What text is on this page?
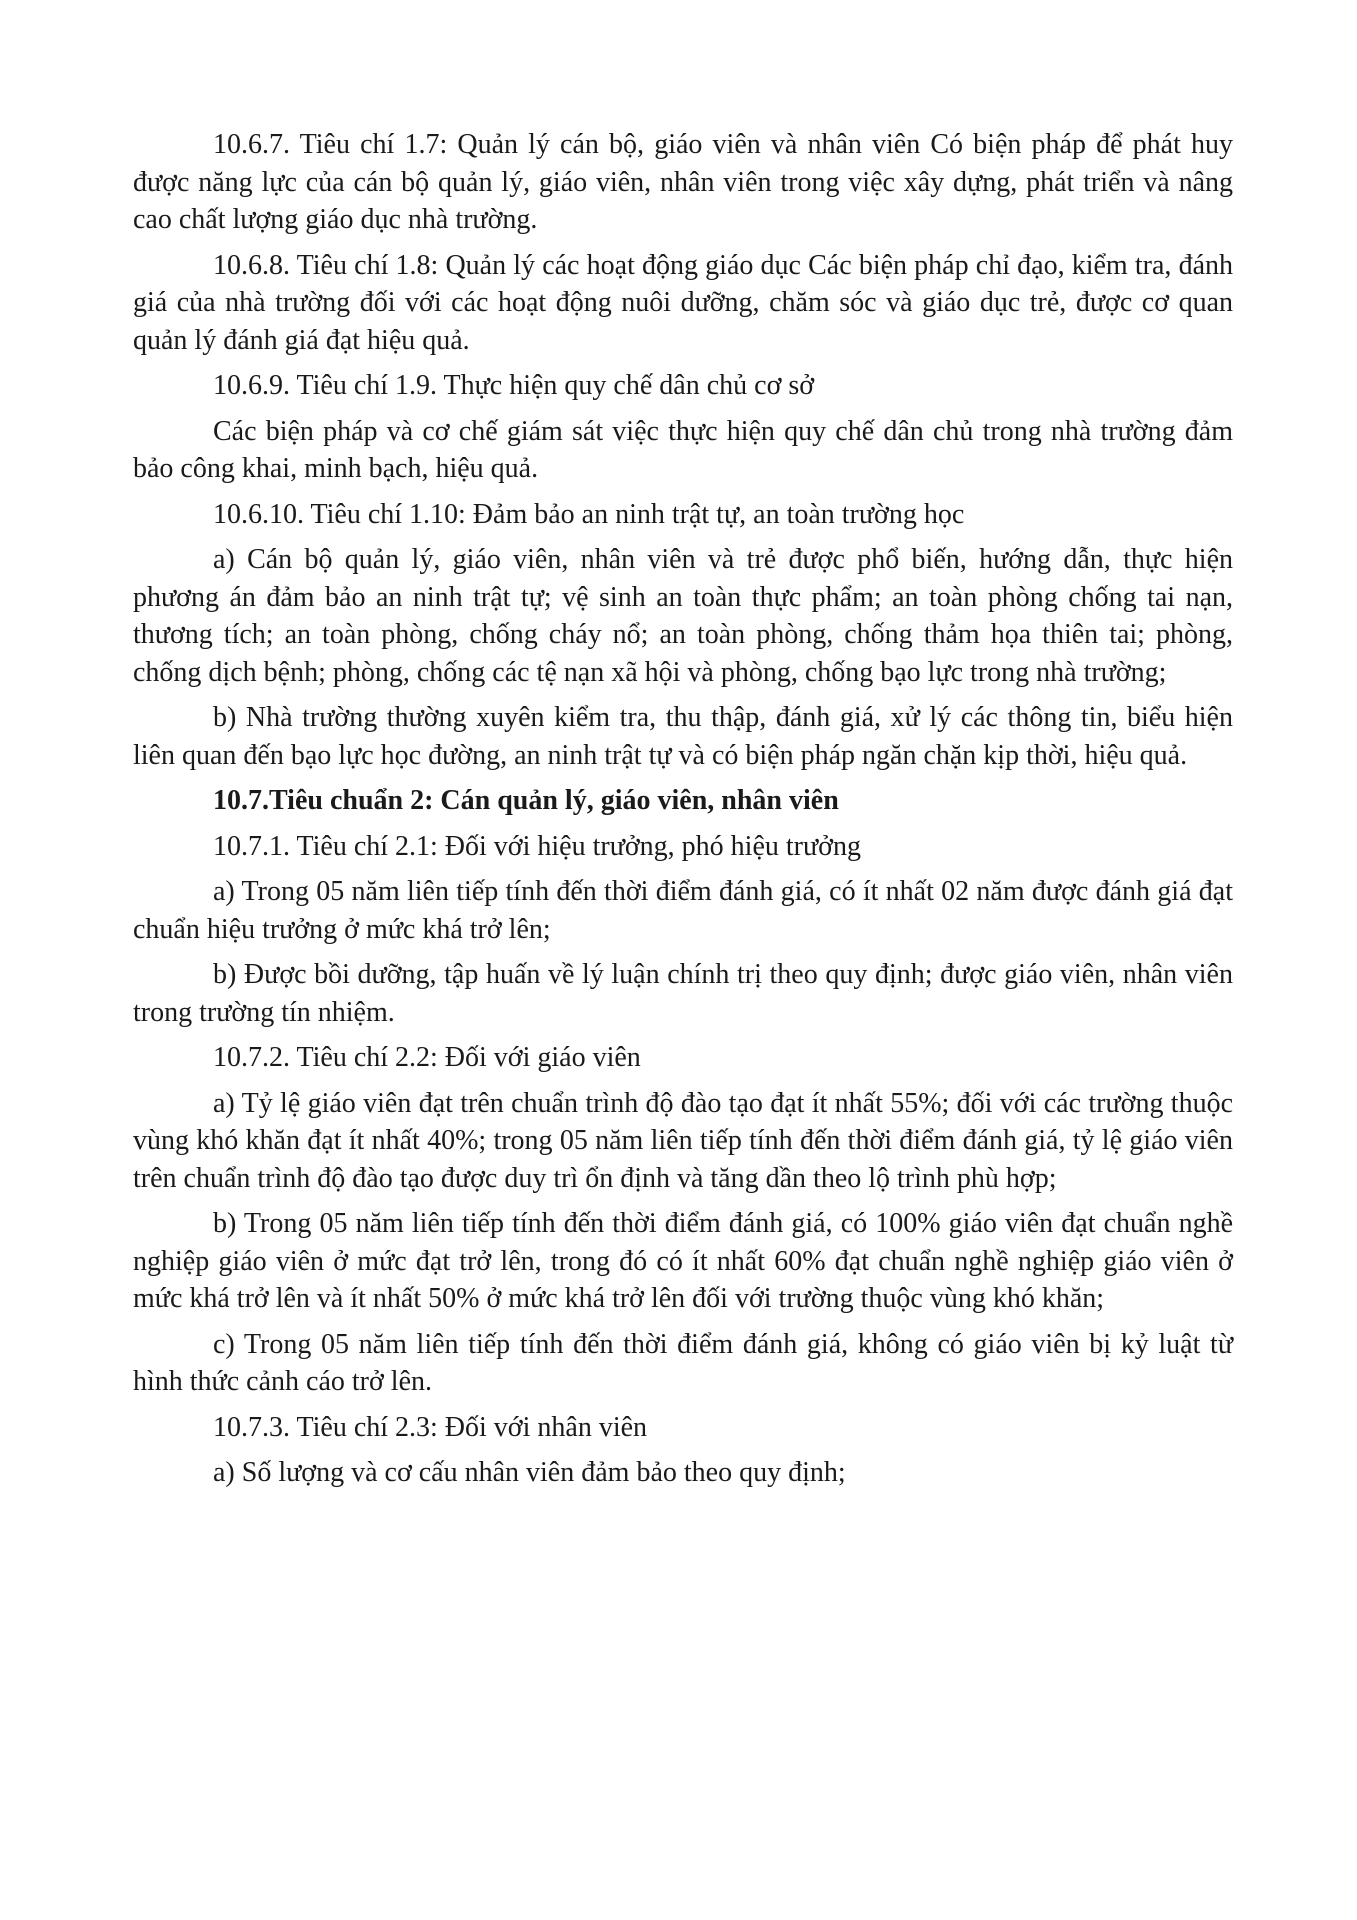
10.6.7. Tiêu chí 1.7: Quản lý cán bộ, giáo viên và nhân viên Có biện pháp để phát huy được năng lực của cán bộ quản lý, giáo viên, nhân viên trong việc xây dựng, phát triển và nâng cao chất lượng giáo dục nhà trường.

10.6.8. Tiêu chí 1.8: Quản lý các hoạt động giáo dục Các biện pháp chỉ đạo, kiểm tra, đánh giá của nhà trường đối với các hoạt động nuôi dưỡng, chăm sóc và giáo dục trẻ, được cơ quan quản lý đánh giá đạt hiệu quả.

10.6.9. Tiêu chí 1.9. Thực hiện quy chế dân chủ cơ sở

Các biện pháp và cơ chế giám sát việc thực hiện quy chế dân chủ trong nhà trường đảm bảo công khai, minh bạch, hiệu quả.

10.6.10. Tiêu chí 1.10: Đảm bảo an ninh trật tự, an toàn trường học

a) Cán bộ quản lý, giáo viên, nhân viên và trẻ được phổ biến, hướng dẫn, thực hiện phương án đảm bảo an ninh trật tự; vệ sinh an toàn thực phẩm; an toàn phòng chống tai nạn, thương tích; an toàn phòng, chống cháy nổ; an toàn phòng, chống thảm họa thiên tai; phòng, chống dịch bệnh; phòng, chống các tệ nạn xã hội và phòng, chống bạo lực trong nhà trường;

b) Nhà trường thường xuyên kiểm tra, thu thập, đánh giá, xử lý các thông tin, biểu hiện liên quan đến bạo lực học đường, an ninh trật tự và có biện pháp ngăn chặn kịp thời, hiệu quả.

10.7.Tiêu chuẩn 2: Cán quản lý, giáo viên, nhân viên

10.7.1. Tiêu chí 2.1: Đối với hiệu trưởng, phó hiệu trưởng

a) Trong 05 năm liên tiếp tính đến thời điểm đánh giá, có ít nhất 02 năm được đánh giá đạt chuẩn hiệu trưởng ở mức khá trở lên;

b) Được bồi dưỡng, tập huấn về lý luận chính trị theo quy định; được giáo viên, nhân viên trong trường tín nhiệm.

10.7.2. Tiêu chí 2.2: Đối với giáo viên

a) Tỷ lệ giáo viên đạt trên chuẩn trình độ đào tạo đạt ít nhất 55%; đối với các trường thuộc vùng khó khăn đạt ít nhất 40%; trong 05 năm liên tiếp tính đến thời điểm đánh giá, tỷ lệ giáo viên trên chuẩn trình độ đào tạo được duy trì ổn định và tăng dần theo lộ trình phù hợp;

b) Trong 05 năm liên tiếp tính đến thời điểm đánh giá, có 100% giáo viên đạt chuẩn nghề nghiệp giáo viên ở mức đạt trở lên, trong đó có ít nhất 60% đạt chuẩn nghề nghiệp giáo viên ở mức khá trở lên và ít nhất 50% ở mức khá trở lên đối với trường thuộc vùng khó khăn;

c) Trong 05 năm liên tiếp tính đến thời điểm đánh giá, không có giáo viên bị kỷ luật từ hình thức cảnh cáo trở lên.

10.7.3. Tiêu chí 2.3: Đối với nhân viên

a) Số lượng và cơ cấu nhân viên đảm bảo theo quy định;
